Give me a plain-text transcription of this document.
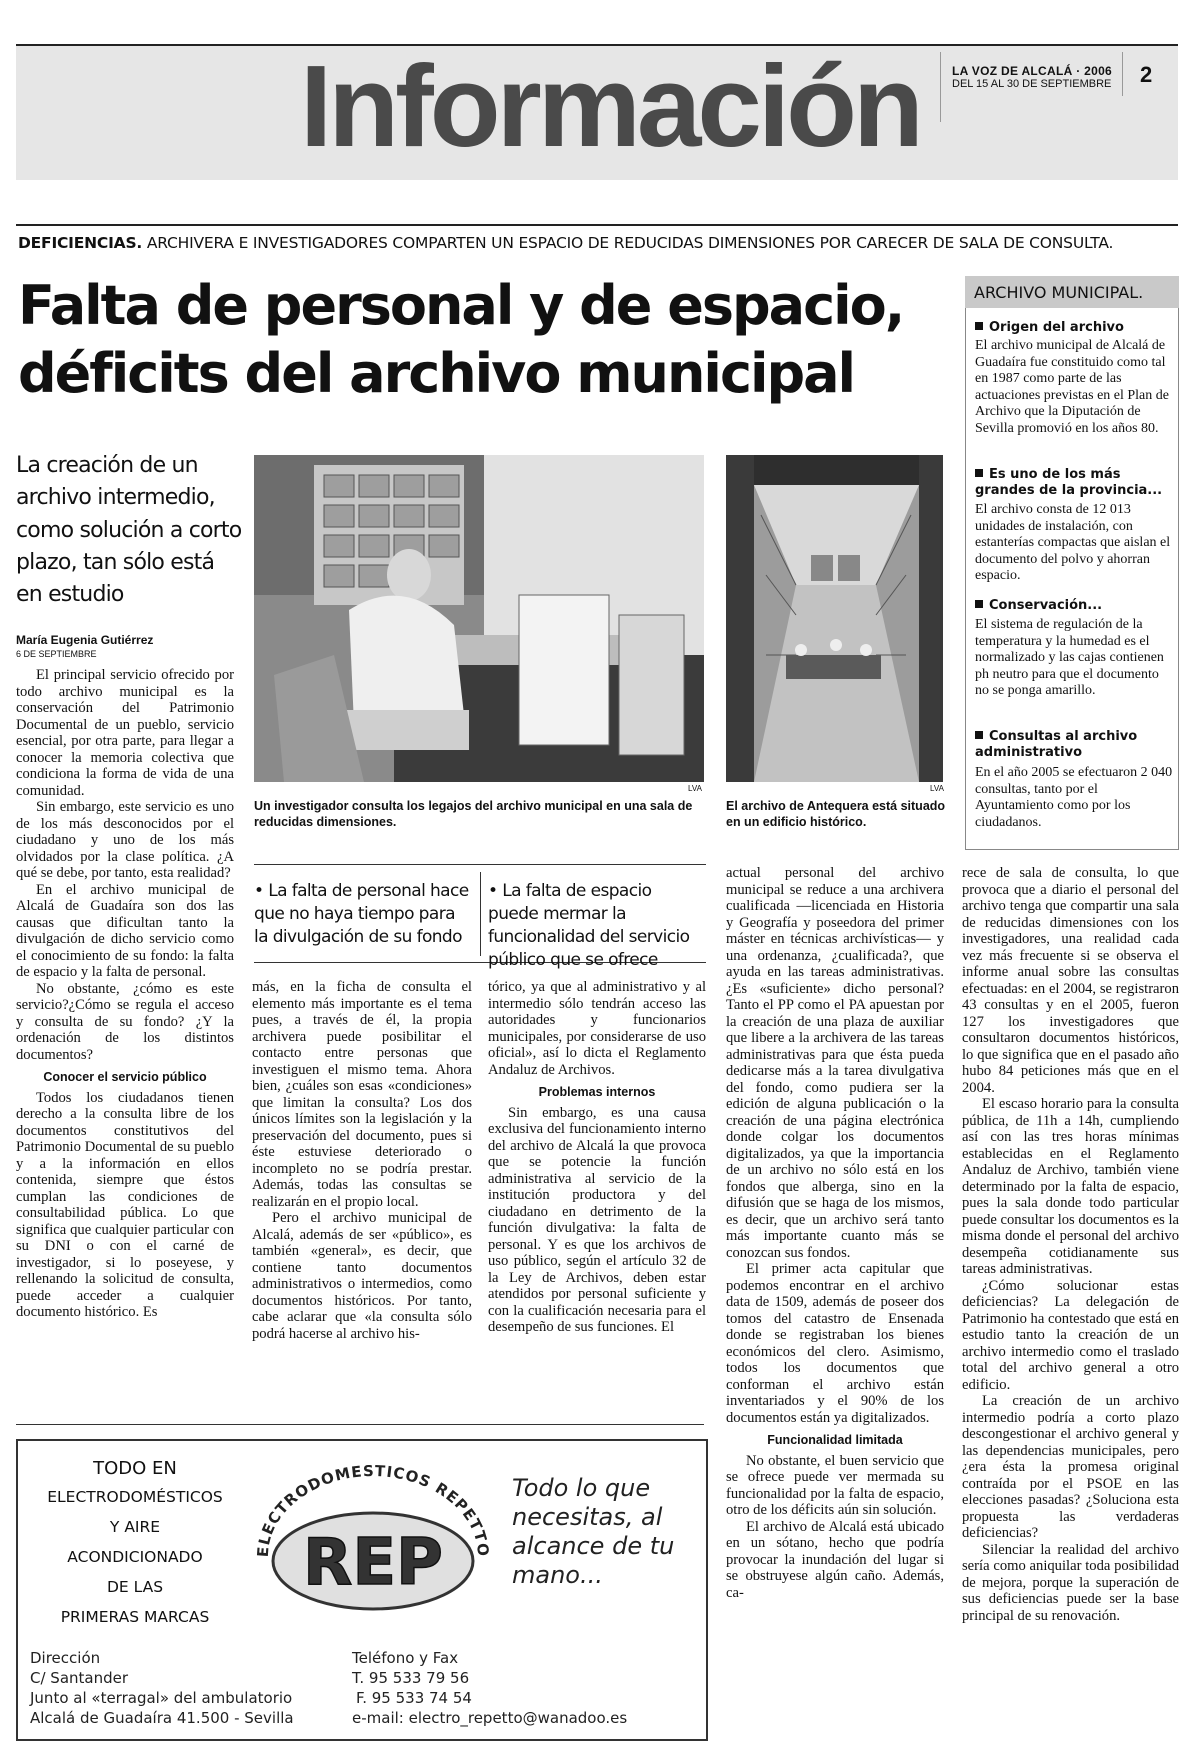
Información	LA VOZ DE ALCALÁ · 2006
DEL 15 AL 30 DE SEPTIEMBRE 2
DEFICIENCIAS. ARCHIVERA E INVESTIGADORES COMPARTEN UN ESPACIO DE REDUCIDAS DIMENSIONES POR CARECER DE SALA DE CONSULTA.
Falta de personal y de espacio,
déficits del archivo municipal
La creación de un archivo intermedio, como solución a corto plazo, tan sólo está en estudio
María Eugenia Gutiérrez
6 DE SEPTIEMBRE
LVA
Un investigador consulta los legajos del archivo municipal en una sala de reducidas dimensiones.
LVA
El archivo de Antequera está situado en un edificio histórico.
• La falta de personal hace que no haya tiempo para la divulgación de su fondo
• La falta de espacio puede mermar la funcionalidad del servicio público que se ofrece

El principal servicio ofrecido por todo archivo municipal es la conservación del Patrimonio Documental de un pueblo, servicio esencial, por otra parte, para llegar a conocer la memoria colectiva que condiciona la forma de vida de una comunidad.

Sin embargo, este servicio es uno de los más desconocidos por el ciudadano y uno de los más olvidados por la clase política. ¿A qué se debe, por tanto, esta realidad?

En el archivo municipal de Alcalá de Guadaíra son dos las causas que dificultan tanto la divulgación de dicho servicio como el conocimiento de su fondo: la falta de espacio y la falta de personal.

No obstante, ¿cómo es este servicio?¿Cómo se regula el acceso y consulta de su fondo? ¿Y la ordenación de los distintos documentos?

Conocer el servicio público

Todos los ciudadanos tienen derecho a la consulta libre de los documentos constitutivos del Patrimonio Documental de su pueblo y a la información en ellos contenida, siempre que éstos cumplan las condiciones de consultabilidad pública. Lo que significa que cualquier particular con su DNI o con el carné de investigador, si lo poseyese, y rellenando la solicitud de consulta, puede acceder a cualquier documento histórico. Es

más, en la ficha de consulta el elemento más importante es el tema pues, a través de él, la propia archivera puede posibilitar el contacto entre personas que investiguen el mismo tema. Ahora bien, ¿cuáles son esas «condiciones» que limitan la consulta? Los dos únicos límites son la legislación y la preservación del documento, pues si éste estuviese deteriorado o incompleto no se podría prestar. Además, todas las consultas se realizarán en el propio local.

Pero el archivo municipal de Alcalá, además de ser «público», es también «general», es decir, que contiene tanto documentos administrativos o intermedios, como documentos históricos. Por tanto, cabe aclarar que «la consulta sólo podrá hacerse al archivo his-

tórico, ya que al administrativo y al intermedio sólo tendrán acceso las autoridades y funcionarios municipales, por considerarse de uso oficial», así lo dicta el Reglamento Andaluz de Archivos.

Problemas internos

Sin embargo, es una causa exclusiva del funcionamiento interno del archivo de Alcalá la que provoca que se potencie la función administrativa al servicio de la institución productora y del ciudadano en detrimento de la función divulgativa: la falta de personal. Y es que los archivos de uso público, según el artículo 32 de la Ley de Archivos, deben estar atendidos por personal suficiente y con la cualificación necesaria para el desempeño de sus funciones. El

actual personal del archivo municipal se reduce a una archivera cualificada —licenciada en Historia y Geografía y poseedora del primer máster en técnicas archivísticas— y una ordenanza, ¿cualificada?, que ayuda en las tareas administrativas. ¿Es «suficiente» dicho personal? Tanto el PP como el PA apuestan por la creación de una plaza de auxiliar que libere a la archivera de las tareas administrativas para que ésta pueda dedicarse más a la tarea divulgativa del fondo, como pudiera ser la edición de alguna publicación o la creación de una página electrónica donde colgar los documentos digitalizados, ya que la importancia de un archivo no sólo está en los fondos que alberga, sino en la difusión que se haga de los mismos, es decir, que un archivo será tanto más importante cuanto más se conozcan sus fondos.

El primer acta capitular que podemos encontrar en el archivo data de 1509, además de poseer dos tomos del catastro de Ensenada donde se registraban los bienes económicos del clero. Asimismo, todos los documentos que conforman el archivo están inventariados y el 90% de los documentos están ya digitalizados.

Funcionalidad limitada

No obstante, el buen servicio que se ofrece puede ver mermada su funcionalidad por la falta de espacio, otro de los déficits aún sin solución.

El archivo de Alcalá está ubicado en un sótano, hecho que podría provocar la inundación del lugar si se obstruyese algún caño. Además, ca-

rece de sala de consulta, lo que provoca que a diario el personal del archivo tenga que compartir una sala de reducidas dimensiones con los investigadores, una realidad cada vez más frecuente si se observa el informe anual sobre las consultas efectuadas: en el 2004, se registraron 43 consultas y en el 2005, fueron 127 los investigadores que consultaron documentos históricos, lo que significa que en el pasado año hubo 84 peticiones más que en el 2004.

El escaso horario para la consulta pública, de 11h a 14h, cumpliendo así con las tres horas mínimas establecidas en el Reglamento Andaluz de Archivo, también viene determinado por la falta de espacio, pues la sala donde todo particular puede consultar los documentos es la misma donde el personal del archivo desempeña cotidianamente sus tareas administrativas.

¿Cómo solucionar estas deficiencias? La delegación de Patrimonio ha contestado que está en estudio tanto la creación de un archivo intermedio como el traslado total del archivo general a otro edificio.

La creación de un archivo intermedio podría a corto plazo descongestionar el archivo general y las dependencias municipales, pero ¿era ésta la promesa original contraída por el PSOE en las elecciones pasadas? ¿Soluciona esta propuesta las verdaderas deficiencias?

Silenciar la realidad del archivo sería como aniquilar toda posibilidad de mejora, porque la superación de sus deficiencias puede ser la base principal de su renovación.

ARCHIVO MUNICIPAL.
Origen del archivo
El archivo municipal de Alcalá de Guadaíra fue constituido como tal en 1987 como parte de las actuaciones previstas en el Plan de Archivo que la Diputación de Sevilla promovió en los años 80.
Es uno de los más grandes de la provincia...
El archivo consta de 12 013 unidades de instalación, con estanterías compactas que aislan el documento del polvo y ahorran espacio.
Conservación...
El sistema de regulación de la temperatura y la humedad es el normalizado y las cajas contienen ph neutro para que el documento no se ponga amarillo.
Consultas al archivo administrativo
En el año 2005 se efectuaron 2 040 consultas, tanto por el Ayuntamiento como por los ciudadanos.
TODO EN
ELECTRODOMÉSTICOS
Y AIRE
ACONDICIONADO
DE LAS
PRIMERAS MARCAS
ELECTRODOMESTICOS REPETTO
REP
Todo lo que necesitas, al alcance de tu mano...
Dirección
C/ Santander
Junto al «terragal» del ambulatorio
Alcalá de Guadaíra 41.500 - Sevilla
Teléfono y Fax
T. 95 533 79 56
F. 95 533 74 54
e-mail: electro_repetto@wanadoo.es
